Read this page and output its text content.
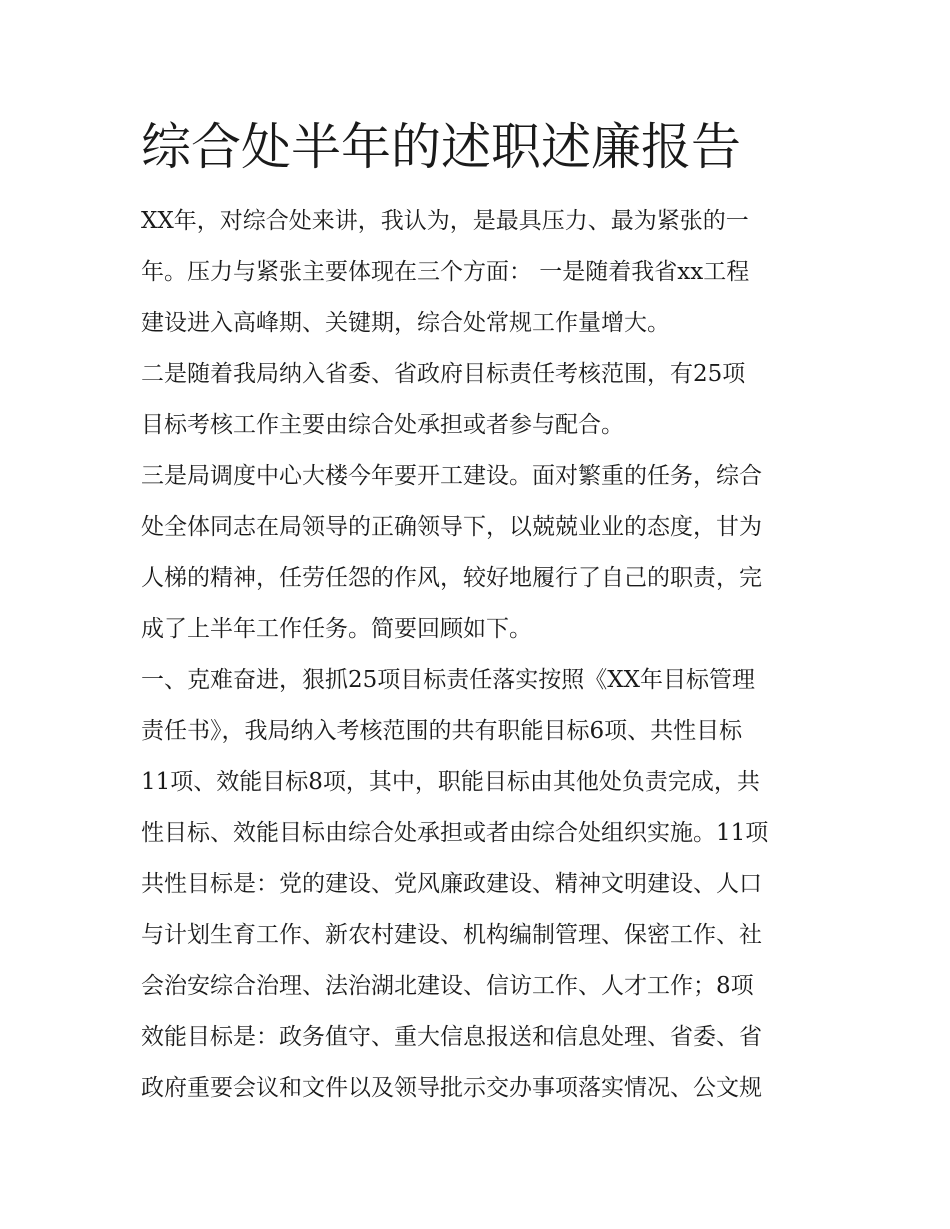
综合处半年的述职述廉报告
XX年，对综合处来讲，我认为，是最具压力、最为紧张的一
年。压力与紧张主要体现在三个方面： 一是随着我省xx工程
建设进入高峰期、关键期，综合处常规工作量增大。
二是随着我局纳入省委、省政府目标责任考核范围，有25项
目标考核工作主要由综合处承担或者参与配合。
三是局调度中心大楼今年要开工建设。面对繁重的任务，综合
处全体同志在局领导的正确领导下，以兢兢业业的态度，甘为
人梯的精神，任劳任怨的作风，较好地履行了自己的职责，完
成了上半年工作任务。简要回顾如下。
一、克难奋进，狠抓25项目标责任落实按照《XX年目标管理
责任书》，我局纳入考核范围的共有职能目标6项、共性目标
11项、效能目标8项，其中，职能目标由其他处负责完成，共
性目标、效能目标由综合处承担或者由综合处组织实施。11项
共性目标是：党的建设、党风廉政建设、精神文明建设、人口
与计划生育工作、新农村建设、机构编制管理、保密工作、社
会治安综合治理、法治湖北建设、信访工作、人才工作；8项
效能目标是：政务值守、重大信息报送和信息处理、省委、省
政府重要会议和文件以及领导批示交办事项落实情况、公文规
